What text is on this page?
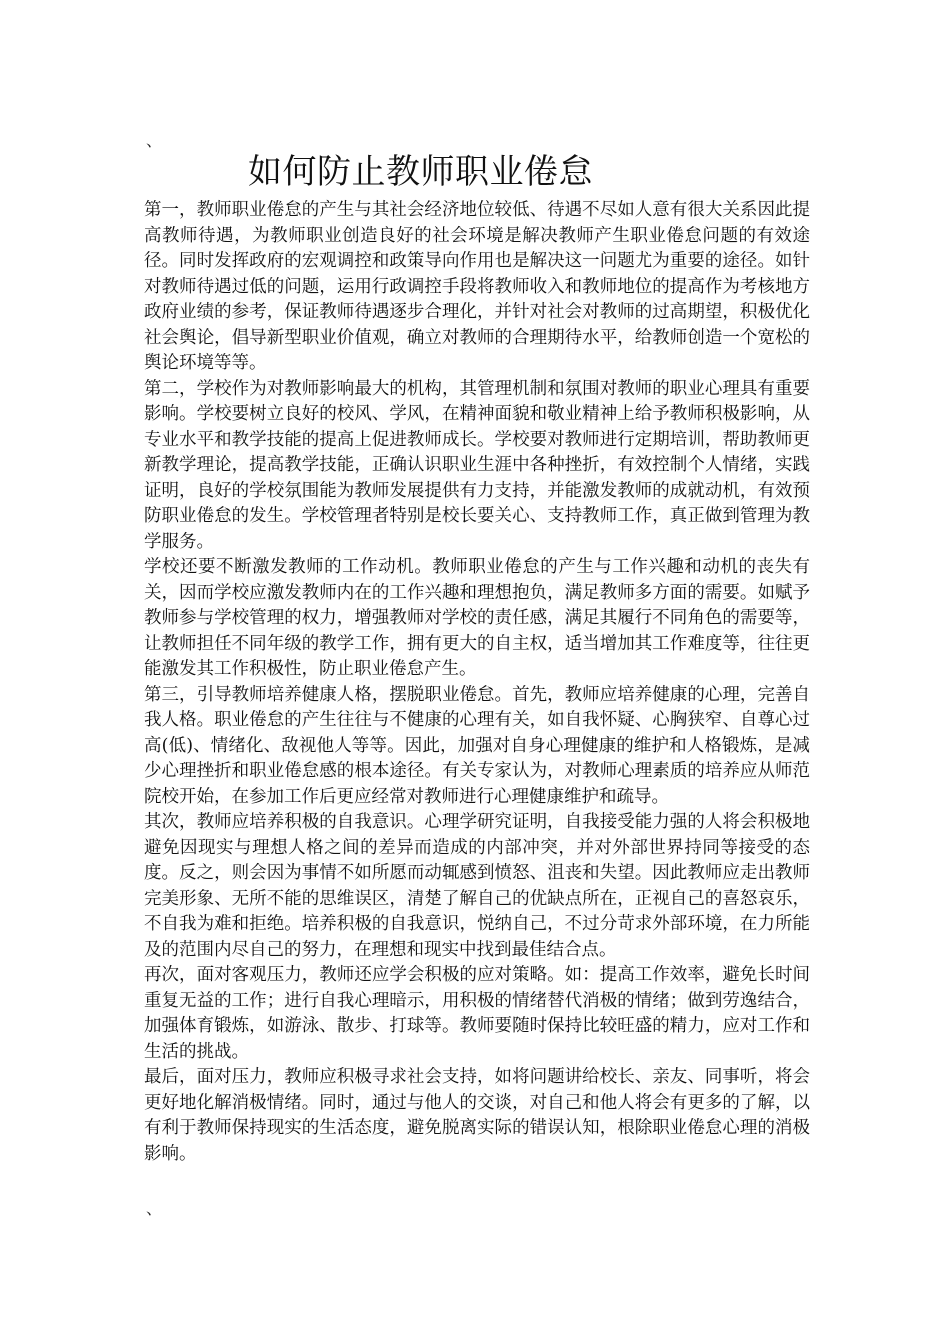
、
如何防止教师职业倦怠

第一，教师职业倦怠的产生与其社会经济地位较低、待遇不尽如人意有很大关系因此提高教师待遇，为教师职业创造良好的社会环境是解决教师产生职业倦怠问题的有效途径。同时发挥政府的宏观调控和政策导向作用也是解决这一问题尤为重要的途径。如针对教师待遇过低的问题，运用行政调控手段将教师收入和教师地位的提高作为考核地方政府业绩的参考，保证教师待遇逐步合理化，并针对社会对教师的过高期望，积极优化社会舆论，倡导新型职业价值观，确立对教师的合理期待水平，给教师创造一个宽松的舆论环境等等。

第二，学校作为对教师影响最大的机构，其管理机制和氛围对教师的职业心理具有重要影响。学校要树立良好的校风、学风，在精神面貌和敬业精神上给予教师积极影响，从专业水平和教学技能的提高上促进教师成长。学校要对教师进行定期培训，帮助教师更新教学理论，提高教学技能，正确认识职业生涯中各种挫折，有效控制个人情绪，实践证明，良好的学校氛围能为教师发展提供有力支持，并能激发教师的成就动机，有效预防职业倦怠的发生。学校管理者特别是校长要关心、支持教师工作，真正做到管理为教学服务。

学校还要不断激发教师的工作动机。教师职业倦怠的产生与工作兴趣和动机的丧失有关，因而学校应激发教师内在的工作兴趣和理想抱负，满足教师多方面的需要。如赋予教师参与学校管理的权力，增强教师对学校的责任感，满足其履行不同角色的需要等，让教师担任不同年级的教学工作，拥有更大的自主权，适当增加其工作难度等，往往更能激发其工作积极性，防止职业倦怠产生。

第三，引导教师培养健康人格，摆脱职业倦怠。首先，教师应培养健康的心理，完善自我人格。职业倦怠的产生往往与不健康的心理有关，如自我怀疑、心胸狭窄、自尊心过高(低)、情绪化、敌视他人等等。因此，加强对自身心理健康的维护和人格锻炼，是减少心理挫折和职业倦怠感的根本途径。有关专家认为，对教师心理素质的培养应从师范院校开始，在参加工作后更应经常对教师进行心理健康维护和疏导。

其次，教师应培养积极的自我意识。心理学研究证明，自我接受能力强的人将会积极地避免因现实与理想人格之间的差异而造成的内部冲突，并对外部世界持同等接受的态度。反之，则会因为事情不如所愿而动辄感到愤怒、沮丧和失望。因此教师应走出教师完美形象、无所不能的思维误区，清楚了解自己的优缺点所在，正视自己的喜怒哀乐，不自我为难和拒绝。培养积极的自我意识，悦纳自己，不过分苛求外部环境，在力所能及的范围内尽自己的努力，在理想和现实中找到最佳结合点。

再次，面对客观压力，教师还应学会积极的应对策略。如：提高工作效率，避免长时间重复无益的工作；进行自我心理暗示，用积极的情绪替代消极的情绪；做到劳逸结合，加强体育锻炼，如游泳、散步、打球等。教师要随时保持比较旺盛的精力，应对工作和生活的挑战。

最后，面对压力，教师应积极寻求社会支持，如将问题讲给校长、亲友、同事听，将会更好地化解消极情绪。同时，通过与他人的交谈，对自己和他人将会有更多的了解，以有利于教师保持现实的生活态度，避免脱离实际的错误认知，根除职业倦怠心理的消极影响。

、
